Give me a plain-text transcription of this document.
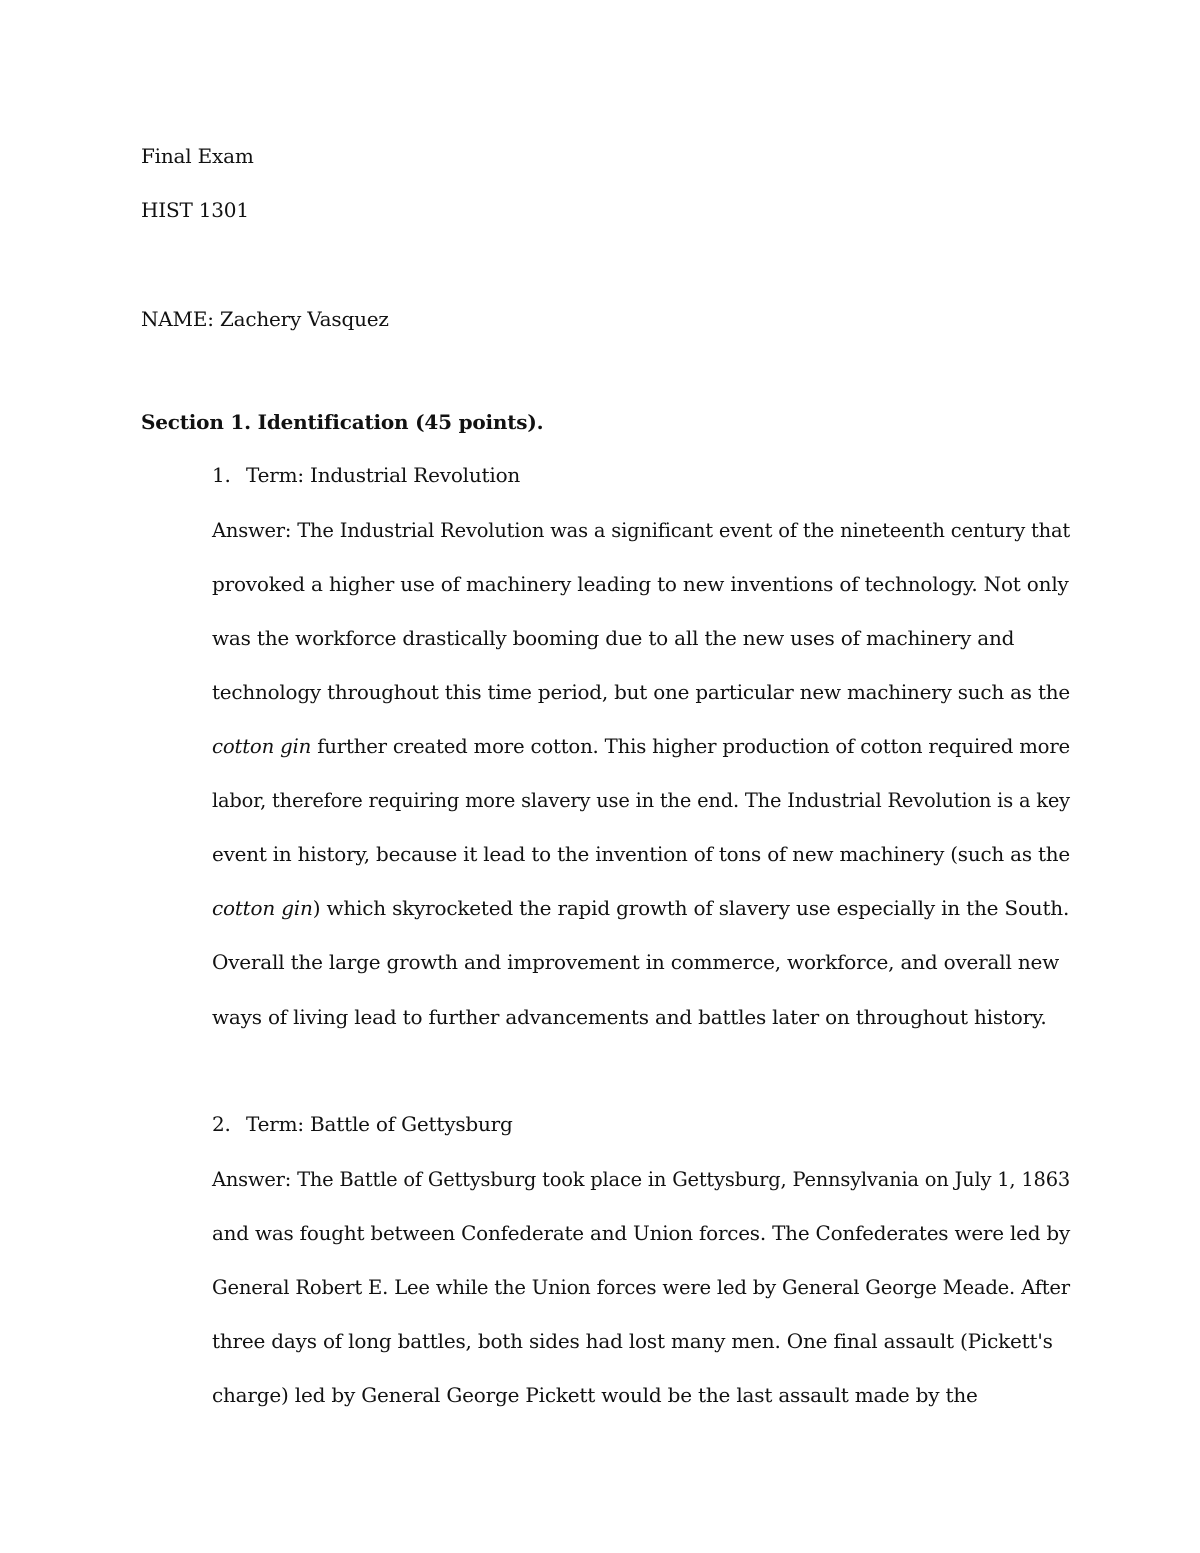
Final Exam
HIST 1301
NAME: Zachery Vasquez
Section 1. Identification (45 points).
1. Term: Industrial Revolution
Answer: The Industrial Revolution was a significant event of the nineteenth century that
provoked a higher use of machinery leading to new inventions of technology. Not only
was the workforce drastically booming due to all the new uses of machinery and
technology throughout this time period, but one particular new machinery such as the
cotton gin further created more cotton. This higher production of cotton required more
labor, therefore requiring more slavery use in the end. The Industrial Revolution is a key
event in history, because it lead to the invention of tons of new machinery (such as the
cotton gin) which skyrocketed the rapid growth of slavery use especially in the South.
Overall the large growth and improvement in commerce, workforce, and overall new
ways of living lead to further advancements and battles later on throughout history.
2. Term: Battle of Gettysburg
Answer: The Battle of Gettysburg took place in Gettysburg, Pennsylvania on July 1, 1863
and was fought between Confederate and Union forces. The Confederates were led by
General Robert E. Lee while the Union forces were led by General George Meade. After
three days of long battles, both sides had lost many men. One final assault (Pickett's
charge) led by General George Pickett would be the last assault made by the
